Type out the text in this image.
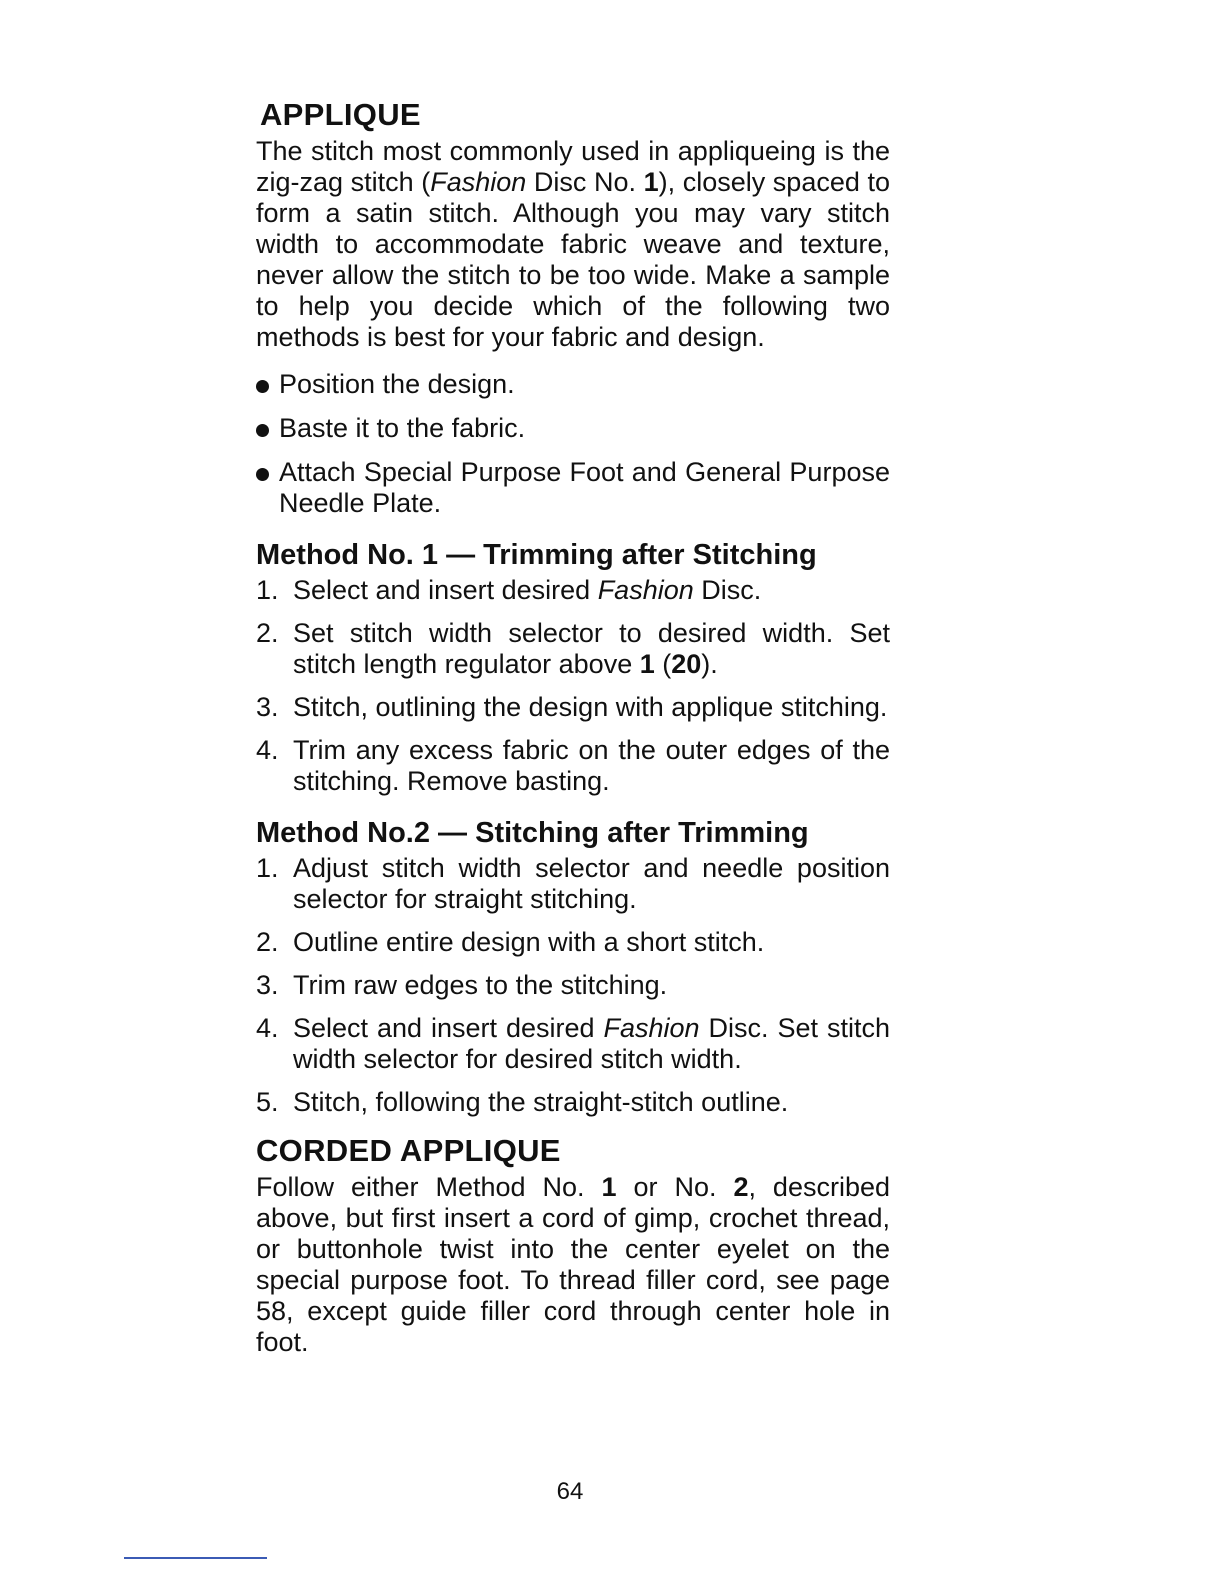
APPLIQUE

The stitch most commonly used in appliqueing is the zig-zag stitch (Fashion Disc No. 1), closely spaced to form a satin stitch. Although you may vary stitch width to accommodate fabric weave and texture, never allow the stitch to be too wide. Make a sample to help you decide which of the following two methods is best for your fabric and design.

Position the design.
Baste it to the fabric.
Attach Special Purpose Foot and General Purpose Needle Plate.
Method No. 1 — Trimming after Stitching
1. Select and insert desired Fashion Disc.
2. Set stitch width selector to desired width. Set stitch length regulator above 1 (20).
3. Stitch, outlining the design with applique stitching.
4. Trim any excess fabric on the outer edges of the stitching. Remove basting.
Method No.2 — Stitching after Trimming
1. Adjust stitch width selector and needle position selector for straight stitching.
2. Outline entire design with a short stitch.
3. Trim raw edges to the stitching.
4. Select and insert desired Fashion Disc. Set stitch width selector for desired stitch width.
5. Stitch, following the straight-stitch outline.
CORDED APPLIQUE

Follow either Method No. 1 or No. 2, described above, but first insert a cord of gimp, crochet thread, or buttonhole twist into the center eyelet on the special purpose foot. To thread filler cord, see page 58, except guide filler cord through center hole in foot.

64
